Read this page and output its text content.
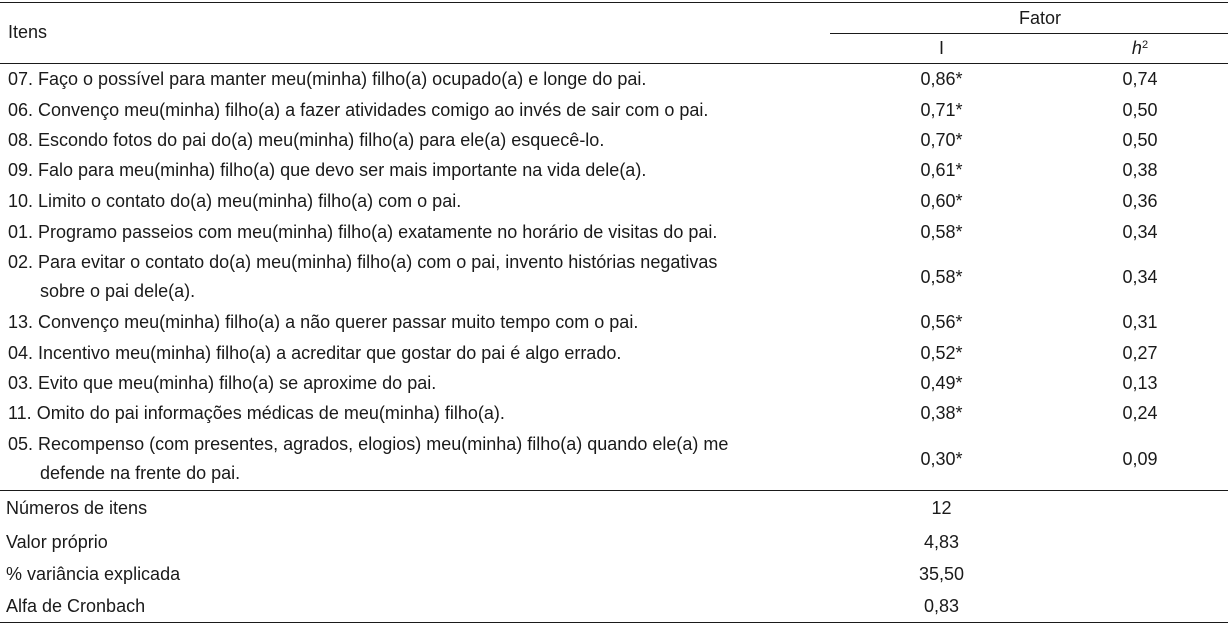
Itens
Fator
I	$h^2$
07. Faço o possível para manter meu(minha) filho(a) ocupado(a) e longe do pai.	0,86*	0,74
06. Convenço meu(minha) filho(a) a fazer atividades comigo ao invés de sair com o pai.	0,71*	0,50
08. Escondo fotos do pai do(a) meu(minha) filho(a) para ele(a) esquecê-lo.	0,70*	0,50
09. Falo para meu(minha) filho(a) que devo ser mais importante na vida dele(a).	0,61*	0,38
10. Limito o contato do(a) meu(minha) filho(a) com o pai.	0,60*	0,36
01. Programo passeios com meu(minha) filho(a) exatamente no horário de visitas do pai.	0,58*	0,34
02. Para evitar o contato do(a) meu(minha) filho(a) com o pai, invento histórias negativas
sobre o pai dele(a).
0,58*	0,34
13. Convenço meu(minha) filho(a) a não querer passar muito tempo com o pai.	0,56*	0,31
04. Incentivo meu(minha) filho(a) a acreditar que gostar do pai é algo errado.	0,52*	0,27
03. Evito que meu(minha) filho(a) se aproxime do pai.	0,49*	0,13
11. Omito do pai informações médicas de meu(minha) filho(a).	0,38*	0,24
05. Recompenso (com presentes, agrados, elogios) meu(minha) filho(a) quando ele(a) me
defende na frente do pai.
0,30*	0,09
Números de itens	12
Valor próprio	4,83
% variância explicada	35,50
Alfa de Cronbach	0,83
